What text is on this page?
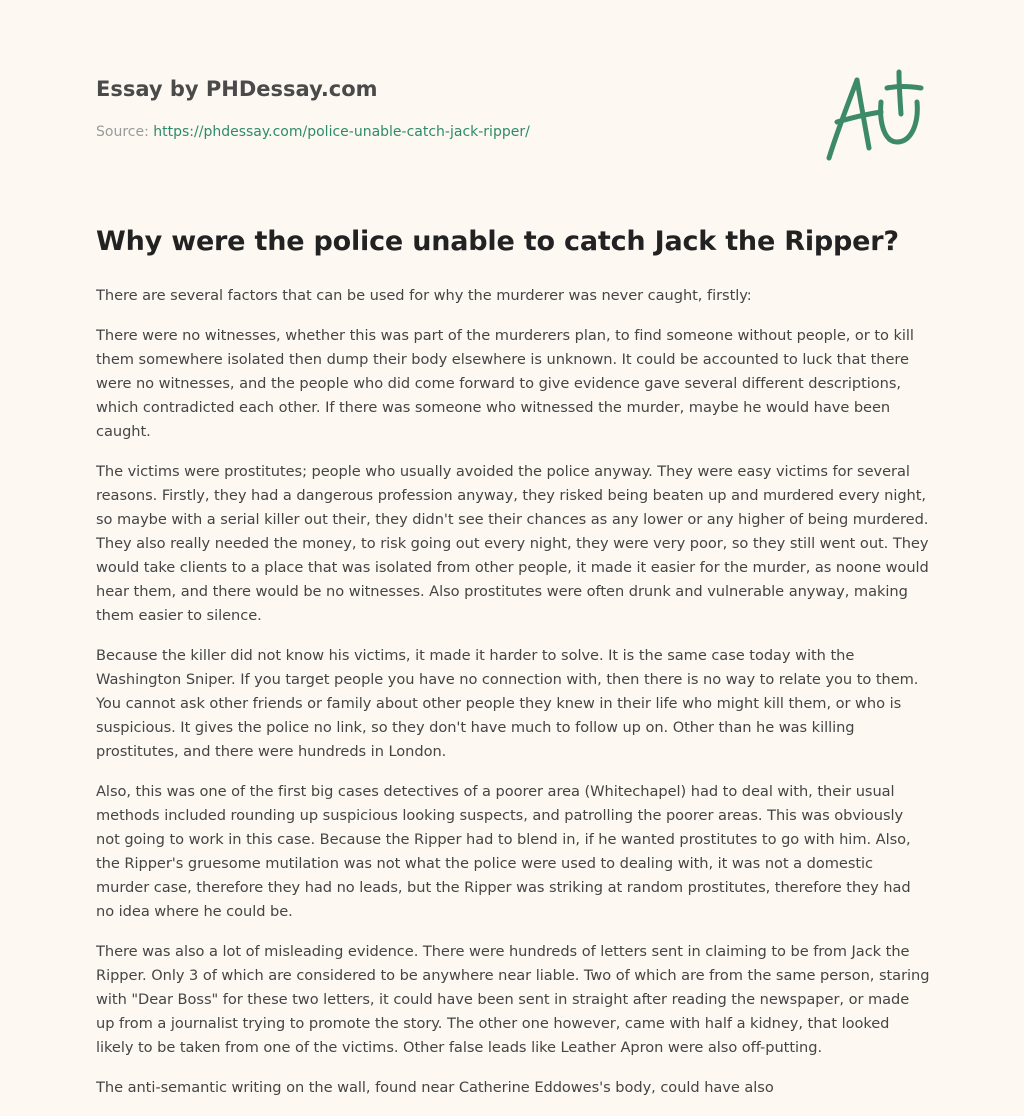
Essay by PHDessay.com
Source: https://phdessay.com/police-unable-catch-jack-ripper/
Why were the police unable to catch Jack the Ripper?

There are several factors that can be used for why the murderer was never caught, firstly:

There were no witnesses, whether this was part of the murderers plan, to find someone without people, or to kill them somewhere isolated then dump their body elsewhere is unknown. It could be accounted to luck that there were no witnesses, and the people who did come forward to give evidence gave several different descriptions, which contradicted each other. If there was someone who witnessed the murder, maybe he would have been caught.

The victims were prostitutes; people who usually avoided the police anyway. They were easy victims for several reasons. Firstly, they had a dangerous profession anyway, they risked being beaten up and murdered every night, so maybe with a serial killer out their, they didn't see their chances as any lower or any higher of being murdered. They also really needed the money, to risk going out every night, they were very poor, so they still went out. They would take clients to a place that was isolated from other people, it made it easier for the murder, as noone would hear them, and there would be no witnesses. Also prostitutes were often drunk and vulnerable anyway, making them easier to silence.

Because the killer did not know his victims, it made it harder to solve. It is the same case today with the Washington Sniper. If you target people you have no connection with, then there is no way to relate you to them. You cannot ask other friends or family about other people they knew in their life who might kill them, or who is suspicious. It gives the police no link, so they don't have much to follow up on. Other than he was killing prostitutes, and there were hundreds in London.

Also, this was one of the first big cases detectives of a poorer area (Whitechapel) had to deal with, their usual methods included rounding up suspicious looking suspects, and patrolling the poorer areas. This was obviously not going to work in this case. Because the Ripper had to blend in, if he wanted prostitutes to go with him. Also, the Ripper's gruesome mutilation was not what the police were used to dealing with, it was not a domestic murder case, therefore they had no leads, but the Ripper was striking at random prostitutes, therefore they had no idea where he could be.

There was also a lot of misleading evidence. There were hundreds of letters sent in claiming to be from Jack the Ripper. Only 3 of which are considered to be anywhere near liable. Two of which are from the same person, staring with "Dear Boss" for these two letters, it could have been sent in straight after reading the newspaper, or made up from a journalist trying to promote the story. The other one however, came with half a kidney, that looked likely to be taken from one of the victims. Other false leads like Leather Apron were also off-putting.

The anti-semantic writing on the wall, found near Catherine Eddowes's body, could have also
